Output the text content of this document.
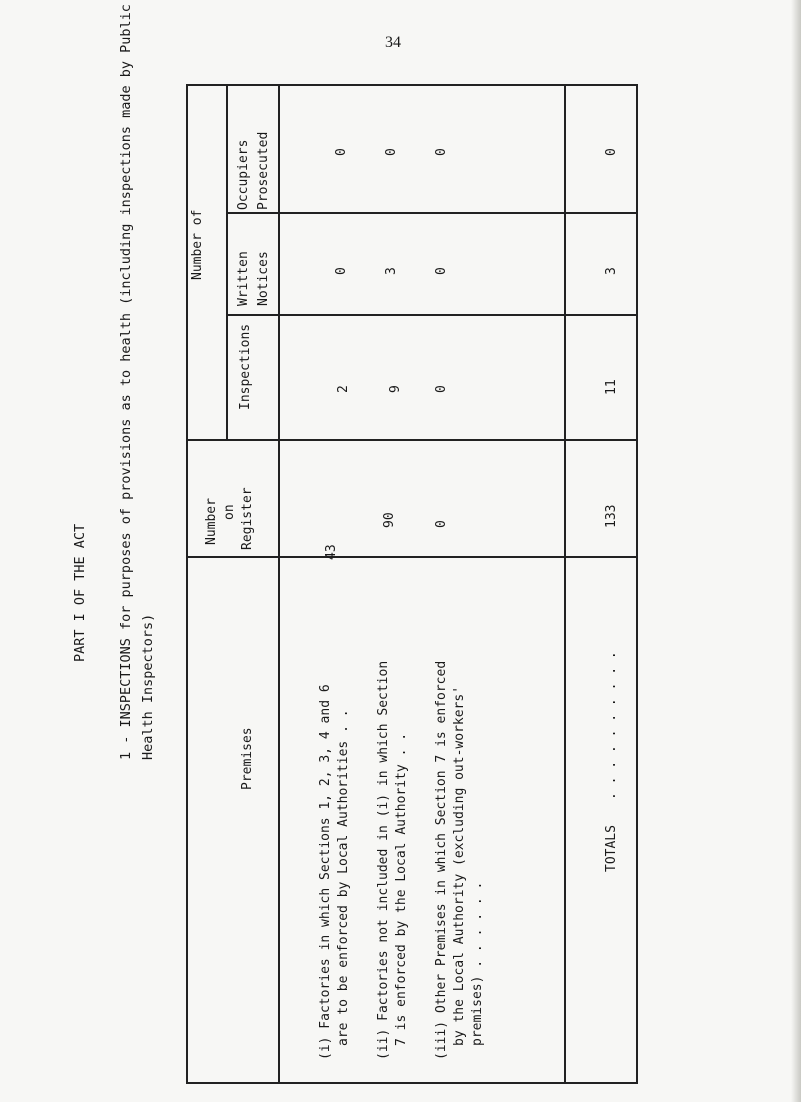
34
PART I OF THE ACT 1 - INSPECTIONS for purposes of provisions as to health (including inspections made by Public Health Inspectors)
Number of
Occupiers Prosecuted
Written Notices
Inspections
Number on Register
Premises	(i) Factories in which Sections 1, 2, 3, 4 and 6 are to be enforced by Local Authorities . .
43
2
0
0
(ii) Factories not included in (i) in which Section 7 is enforced by the Local Authority . .
90
9
3
0
(iii) Other Premises in which Section 7 is enforced by the Local Authority (excluding out-workers' premises) . . . . . .
0
0
0
0
TOTALS
. . . . . . . . . .
133
11
3
0
